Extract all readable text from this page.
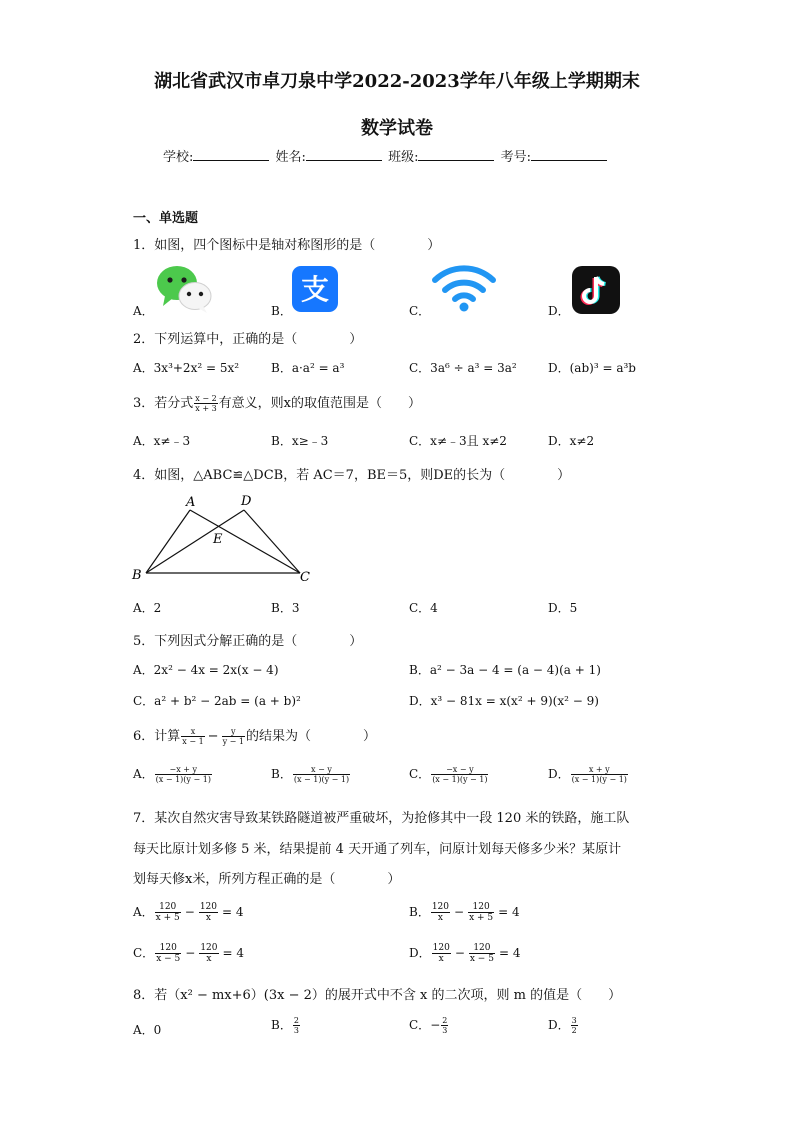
湖北省武汉市卓刀泉中学2022-2023学年八年级上学期期末
数学试卷
学校:	姓名:	班级:	考号:
一、单选题
1．如图，四个图标中是轴对称图形的是（　　　　）
A．	B．	C．	D．
支
2．下列运算中，正确的是（　　　　）
A．3x³+2x² = 5x²	B．a·a² = a³	C．3a⁶ ÷ a³ = 3a²	D．(ab)³ = a³b
3．若分式 $\frac{x - 2}{x + 3}$ 有意义，则x的取值范围是（　　）
A．x≠﹣3	B．x≥﹣3	C．x≠﹣3且 x≠2	D．x≠2
4．如图，△ABC≌△DCB，若 AC＝7，BE＝5，则DE的长为（　　　　）
A	D
E
B	C
A．2	B．3	C．4	D．5
5．下列因式分解正确的是（　　　　）
A．2x² − 4x = 2x(x − 4)	B．a² − 3a − 4 = (a − 4)(a + 1)
C．a² + b² − 2ab = (a + b)²	D．x³ − 81x = x(x² + 9)(x² − 9)
6．计算 $\frac{x}{x - 1} - \frac{y}{y - 1}$ 的结果为（　　　　）
A． $\frac{-x + y}{(x - 1)(y - 1)}$	B． $\frac{x - y}{(x - 1)(y - 1)}$	C． $\frac{-x - y}{(x - 1)(y - 1)}$	D． $\frac{x + y}{(x - 1)(y - 1)}$
7．某次自然灾害导致某铁路隧道被严重破坏，为抢修其中一段 120 米的铁路，施工队
每天比原计划多修 5 米，结果提前 4 天开通了列车，问原计划每天修多少米？某原计
划每天修x米，所列方程正确的是（　　　　）
A． $\frac{120}{x + 5} - \frac{120}{x} = 4$	B． $\frac{120}{x} - \frac{120}{x + 5} = 4$
C． $\frac{120}{x - 5} - \frac{120}{x} = 4$	D． $\frac{120}{x} - \frac{120}{x - 5} = 4$
8．若（x² − mx+6）(3x − 2）的展开式中不含 x 的二次项，则 m 的值是（　　）
A．0	B． $\frac{2}{3}$	C．− $\frac{2}{3}$	D． $\frac{3}{2}$
